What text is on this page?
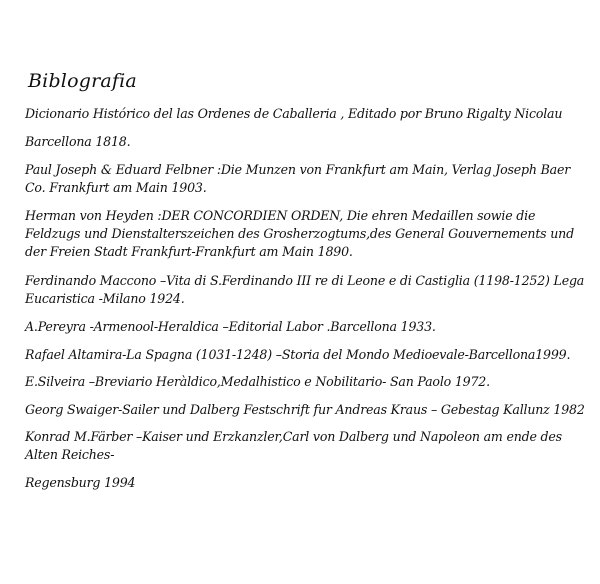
Biblografia
Dicionario Histórico del las Ordenes de Caballeria , Editado por Bruno Rigalty Nicolau
Barcellona 1818.
Paul Joseph & Eduard Felbner :Die Munzen von Frankfurt am Main, Verlag Joseph Baer
Co. Frankfurt am Main 1903.
Herman von Heyden :DER CONCORDIEN ORDEN, Die ehren Medaillen sowie die
Feldzugs und Dienstalterszeichen des Grosherzogtums,des General Gouvernements und
der Freien Stadt Frankfurt-Frankfurt am Main 1890.
Ferdinando Maccono –Vita di S.Ferdinando III re di Leone e di Castiglia (1198-1252) Lega
Eucaristica -Milano 1924.
A.Pereyra -Armenool-Heraldica –Editorial Labor .Barcellona 1933.
Rafael Altamira-La Spagna (1031-1248) –Storia del Mondo Medioevale-Barcellona1999.
E.Silveira –Breviario Heràldico,Medalhistico e Nobilitario- San Paolo 1972.
Georg Swaiger-Sailer und Dalberg Festschrift fur Andreas Kraus – Gebestag Kallunz 1982
Konrad M.Färber –Kaiser und Erzkanzler,Carl von Dalberg und Napoleon am ende des
Alten Reiches-
Regensburg 1994
